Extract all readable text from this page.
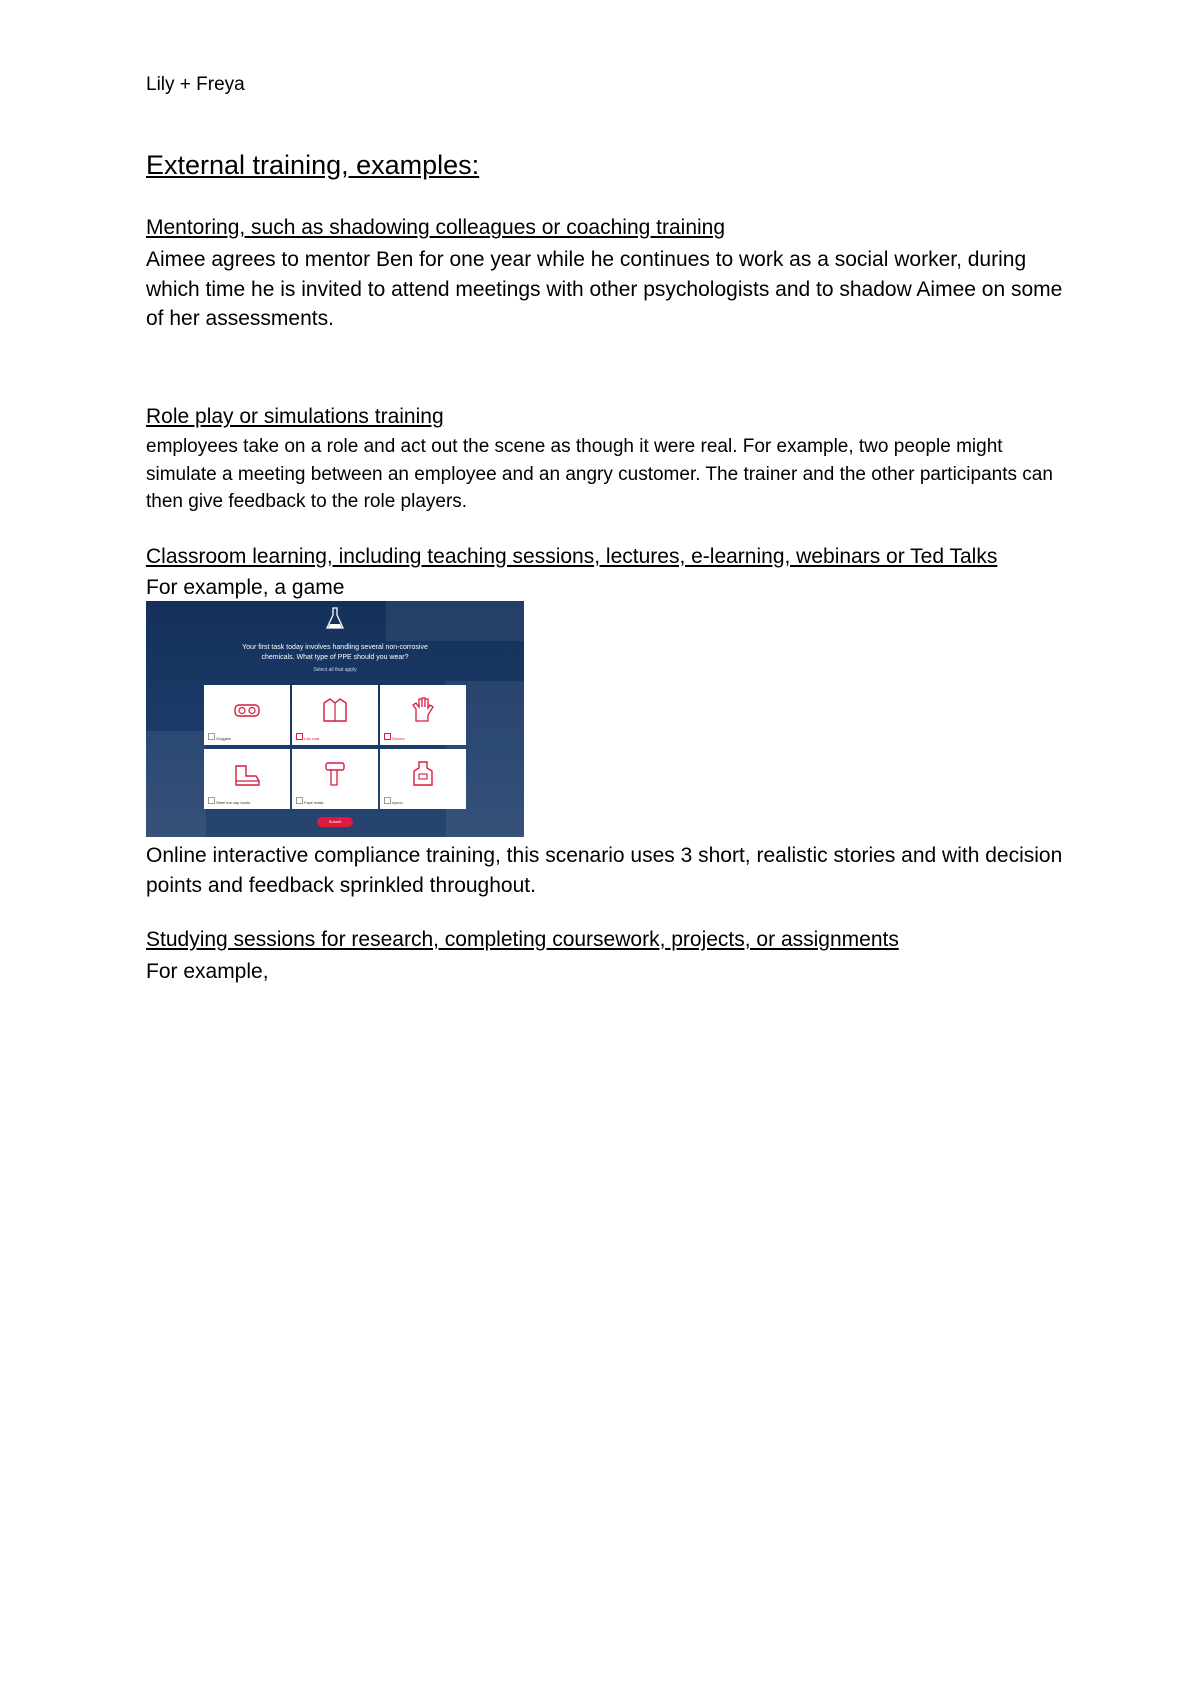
Lily + Freya

External training, examples:

Mentoring, such as shadowing colleagues or coaching training

Aimee agrees to mentor Ben for one year while he continues to work as a social worker, during which time he is invited to attend meetings with other psychologists and to shadow Aimee on some of her assessments.

Role play or simulations training

employees take on a role and act out the scene as though it were real. For example, two people might simulate a meeting between an employee and an angry customer. The trainer and the other participants can then give feedback to the role players.

Classroom learning, including teaching sessions, lectures, e-learning, webinars or Ted Talks

For example, a game

Your first task today involves handling several non-corrosive chemicals. What type of PPE should you wear?

Select all that apply

Goggles	Lab coat	Gloves
Steel toe cap boots	Face mask	Apron
Submit

Online interactive compliance training, this scenario uses 3 short, realistic stories and with decision points and feedback sprinkled throughout.

Studying sessions for research, completing coursework, projects, or assignments

For example,
